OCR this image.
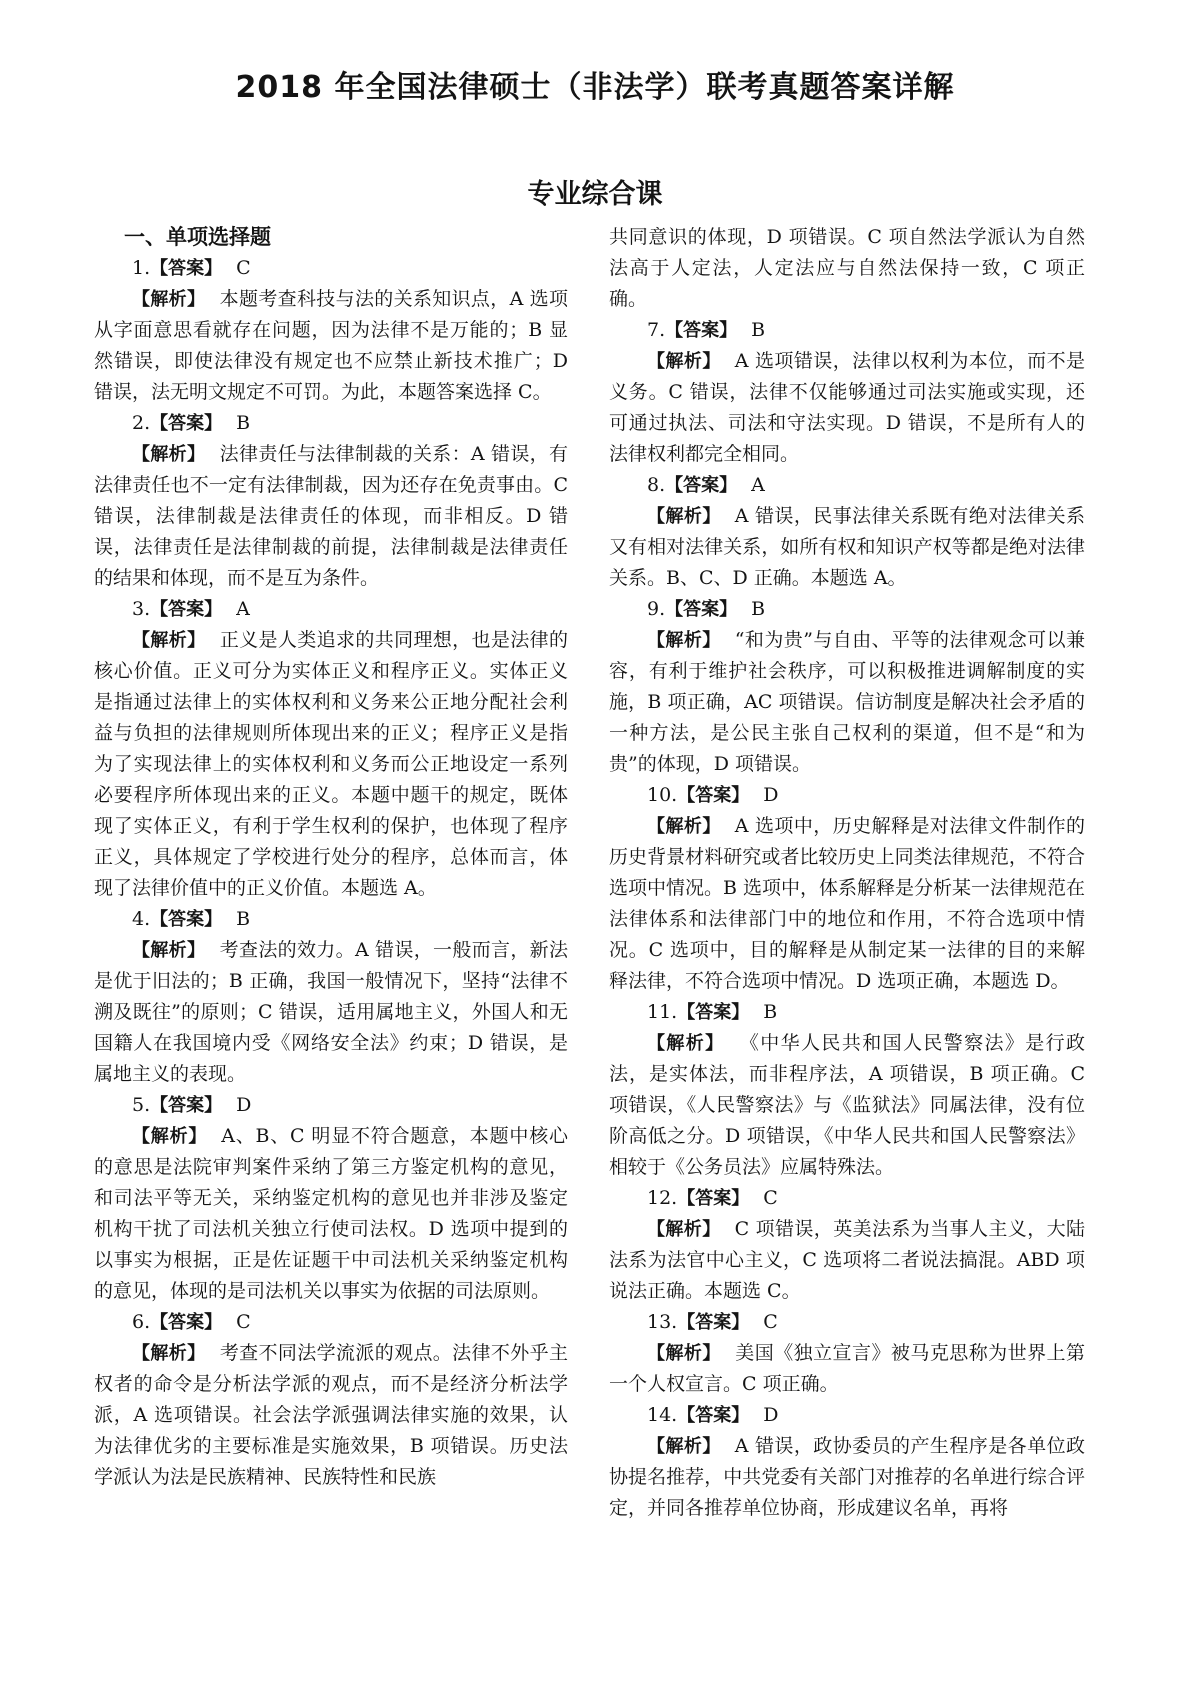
2018 年全国法律硕士（非法学）联考真题答案详解
专业综合课

一、单项选择题

1.【答案】 C

【解析】 本题考查科技与法的关系知识点，A 选项从字面意思看就存在问题，因为法律不是万能的；B 显然错误，即使法律没有规定也不应禁止新技术推广；D 错误，法无明文规定不可罚。为此，本题答案选择 C。

2.【答案】 B

【解析】 法律责任与法律制裁的关系：A 错误，有法律责任也不一定有法律制裁，因为还存在免责事由。C 错误，法律制裁是法律责任的体现，而非相反。D 错误，法律责任是法律制裁的前提，法律制裁是法律责任的结果和体现，而不是互为条件。

3.【答案】 A

【解析】 正义是人类追求的共同理想，也是法律的核心价值。正义可分为实体正义和程序正义。实体正义是指通过法律上的实体权利和义务来公正地分配社会利益与负担的法律规则所体现出来的正义；程序正义是指为了实现法律上的实体权利和义务而公正地设定一系列必要程序所体现出来的正义。本题中题干的规定，既体现了实体正义，有利于学生权利的保护，也体现了程序正义，具体规定了学校进行处分的程序，总体而言，体现了法律价值中的正义价值。本题选 A。

4.【答案】 B

【解析】 考查法的效力。A 错误，一般而言，新法是优于旧法的；B 正确，我国一般情况下，坚持“法律不溯及既往”的原则；C 错误，适用属地主义，外国人和无国籍人在我国境内受《网络安全法》约束；D 错误，是属地主义的表现。

5.【答案】 D

【解析】 A、B、C 明显不符合题意，本题中核心的意思是法院审判案件采纳了第三方鉴定机构的意见，和司法平等无关，采纳鉴定机构的意见也并非涉及鉴定机构干扰了司法机关独立行使司法权。D 选项中提到的以事实为根据，正是佐证题干中司法机关采纳鉴定机构的意见，体现的是司法机关以事实为依据的司法原则。

6.【答案】 C

【解析】 考查不同法学流派的观点。法律不外乎主权者的命令是分析法学派的观点，而不是经济分析法学派，A 选项错误。社会法学派强调法律实施的效果，认为法律优劣的主要标准是实施效果，B 项错误。历史法学派认为法是民族精神、民族特性和民族

共同意识的体现，D 项错误。C 项自然法学派认为自然法高于人定法，人定法应与自然法保持一致，C 项正确。

7.【答案】 B

【解析】 A 选项错误，法律以权利为本位，而不是义务。C 错误，法律不仅能够通过司法实施或实现，还可通过执法、司法和守法实现。D 错误，不是所有人的法律权利都完全相同。

8.【答案】 A

【解析】 A 错误，民事法律关系既有绝对法律关系又有相对法律关系，如所有权和知识产权等都是绝对法律关系。B、C、D 正确。本题选 A。

9.【答案】 B

【解析】 “和为贵”与自由、平等的法律观念可以兼容，有利于维护社会秩序，可以积极推进调解制度的实施，B 项正确，AC 项错误。信访制度是解决社会矛盾的一种方法，是公民主张自己权利的渠道，但不是“和为贵”的体现，D 项错误。

10.【答案】 D

【解析】 A 选项中，历史解释是对法律文件制作的历史背景材料研究或者比较历史上同类法律规范，不符合选项中情况。B 选项中，体系解释是分析某一法律规范在法律体系和法律部门中的地位和作用，不符合选项中情况。C 选项中，目的解释是从制定某一法律的目的来解释法律，不符合选项中情况。D 选项正确，本题选 D。

11.【答案】 B

【解析】 《中华人民共和国人民警察法》是行政法，是实体法，而非程序法，A 项错误，B 项正确。C 项错误，《人民警察法》与《监狱法》同属法律，没有位阶高低之分。D 项错误，《中华人民共和国人民警察法》相较于《公务员法》应属特殊法。

12.【答案】 C

【解析】 C 项错误，英美法系为当事人主义，大陆法系为法官中心主义，C 选项将二者说法搞混。ABD 项说法正确。本题选 C。

13.【答案】 C

【解析】 美国《独立宣言》被马克思称为世界上第一个人权宣言。C 项正确。

14.【答案】 D

【解析】 A 错误，政协委员的产生程序是各单位政协提名推荐，中共党委有关部门对推荐的名单进行综合评定，并同各推荐单位协商，形成建议名单，再将
